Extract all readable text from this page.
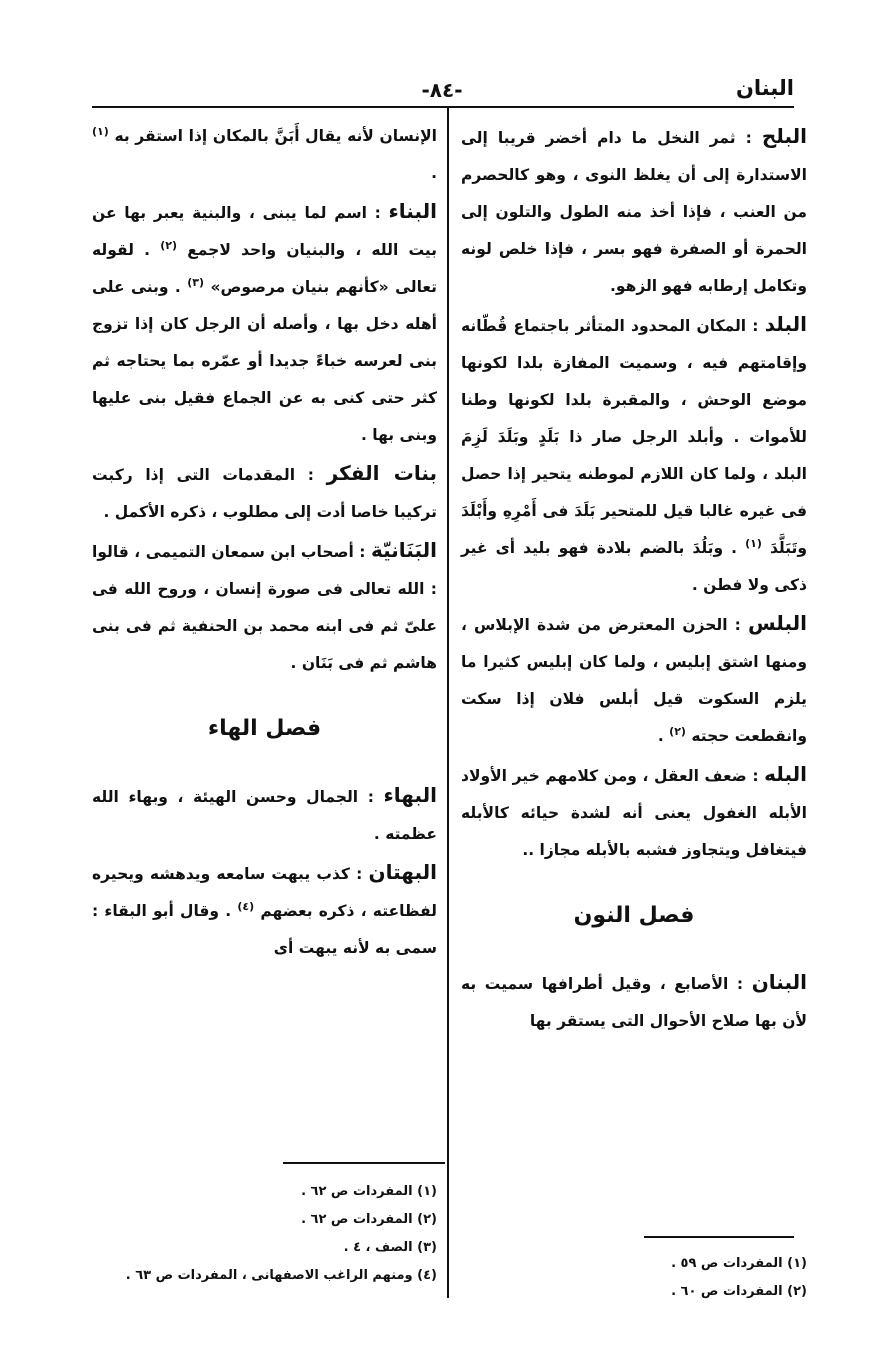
البنان
-٨٤-
البلح : ثمر النخل ما دام أخضر قريبا إلى الاستدارة إلى أن يغلظ النوى ، وهو كالحصرم من العنب ، فإذا أخذ منه الطول والتلون إلى الحمرة أو الصفرة فهو بسر ، فإذا خلص لونه وتكامل إرطابه فهو الزهو.
البلد : المكان المحدود المتأثر باجتماع قُطّانه وإقامتهم فيه ، وسميت المفازة بلدا لكونها موضع الوحش ، والمقبرة بلدا لكونها وطنا للأموات . وأبلد الرجل صار ذا بَلَدٍ وبَلَدَ لَزِمَ البلد ، ولما كان اللازم لموطنه يتحير إذا حصل فى غيره غالبا قيل للمتحير بَلَدَ فى أَمْرِهِ وأَبْلَدَ وتَبَلَّدَ $^{(١)}$ . وبَلُدَ بالضم بلادة فهو بليد أى غير ذكى ولا فطن .
البلس : الحزن المعترض من شدة الإبلاس ، ومنها اشتق إبليس ، ولما كان إبليس كثيرا ما يلزم السكوت قيل أبلس فلان إذا سكت وانقطعت حجته $^{(٢)}$ .
البله : ضعف العقل ، ومن كلامهم خير الأولاد الأبله الغفول يعنى أنه لشدة حيائه كالأبله فيتغافل ويتجاوز فشبه بالأبله مجازا ..
فصل النون
البنان : الأصابع ، وقيل أطرافها سميت به لأن بها صلاح الأحوال التى يستقر بها
الإنسان لأنه يقال أَبَنَّ بالمكان إذا استقر به $^{(١)}$ .
البناء : اسم لما يبنى ، والبنية يعبر بها عن بيت الله ، والبنيان واحد لاجمع $^{(٢)}$ . لقوله تعالى «كأنهم بنيان مرصوص» $^{(٣)}$ . وبنى على أهله دخل بها ، وأصله أن الرجل كان إذا تزوج بنى لعرسه خباءً جديدا أو عمّره بما يحتاجه ثم كثر حتى كنى به عن الجماع فقيل بنى عليها وبنى بها .
بنات الفكر : المقدمات التى إذا ركبت تركيبا خاصا أدت إلى مطلوب ، ذكره الأكمل .
البَنَانيّة : أصحاب ابن سمعان التميمى ، قالوا : الله تعالى فى صورة إنسان ، وروح الله فى علىّ ثم فى ابنه محمد بن الحنفية ثم فى بنى هاشم ثم فى بَنَان .
فصل الهاء
البهاء : الجمال وحسن الهيئة ، وبهاء الله عظمته .
البهتان : كذب يبهت سامعه ويدهشه ويحيره لفظاعته ، ذكره بعضهم $^{(٤)}$ . وقال أبو البقاء : سمى به لأنه يبهت أى
(١) المفردات ص ٦٢ .
(٢) المفردات ص ٦٢ .
(٣) الصف ، ٤ .
(٤) ومنهم الراغب الاصفهانى ، المفردات ص ٦٣ .
(١) المفردات ص ٥٩ .
(٢) المفردات ص ٦٠ .
